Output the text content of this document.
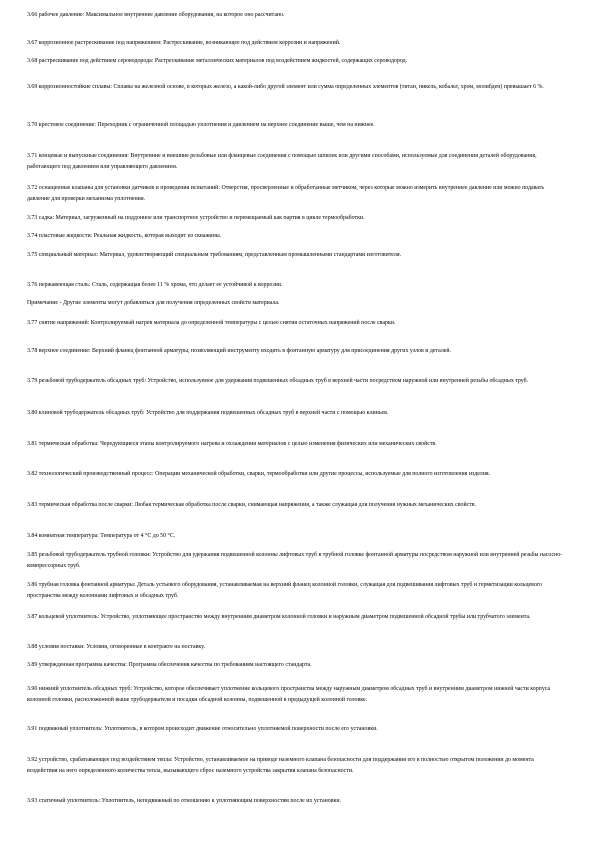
3.66 рабочее давление: Максимальное внутреннее давление оборудования, на которое оно рассчитано.

3.67 коррозионное растрескивание под напряжением: Растрескивание, возникающее под действием коррозии и напряжений.

3.68 растрескивание под действием сероводорода: Растрескивание металлических материалов под воздействием жидкостей, содержащих сероводород.

3.69 коррозионностойкие сплавы: Сплавы на железной основе, в которых железо, а какой-либо другой элемент или сумма определенных элементов (титан, никель, кобальт, хром, молибден) превышает 6 %.

3.70 крестовое соединение: Переходник с ограниченной площадью уплотнения и давлением на верхнее соединение выше, чем на нижнее.

3.71 концевые и выпускные соединения: Внутренние и внешние резьбовые или фланцевые соединения с помощью шпилек или другими способами, используемые для соединения деталей оборудования, работающего под давлением или управляющего давлением.

3.72 оснащенные клапаны для установки датчиков и проведения испытаний: Отверстия, просверленные и обработанные метчиком, через которые можно измерить внутреннее давление или можно подавать давление для проверки механизма уплотнения.

3.73 садка: Материал, загруженный на поддонное или транспортное устройство и перемещаемый как партия в цикле термообработки.

3.74 пластовые жидкости: Реальная жидкость, которая выходит из скважины.

3.75 специальный материал: Материал, удовлетворяющий специальным требованиям, представленным промышленными стандартами изготовителя.

3.76 нержавеющая сталь: Сталь, содержащая более 11 % хрома, что делает ее устойчивой к коррозии.

Примечание - Другие элементы могут добавляться для получения определенных свойств материала.

3.77 снятие напряжений: Контролируемый нагрев материала до определенной температуры с целью снятия остаточных напряжений после сварки.

3.78 верхнее соединение: Верхний фланец фонтанной арматуры, позволяющий инструменту входить в фонтанную арматуру для присоединения других узлов и деталей.

3.79 резьбовой трубодержатель обсадных труб: Устройство, используемое для удержания подвешенных обсадных труб в верхней части посредством наружной или внутренней резьбы обсадных труб.

3.80 клиновой трубодержатель обсадных труб: Устройство для поддержания подвешенных обсадных труб в верхней части с помощью клиньев.

3.81 термическая обработка: Чередующиеся этапы контролируемого нагрева и охлаждения материалов с целью изменения физических или механических свойств.

3.82 технологический производственный процесс: Операции механической обработки, сварки, термообработки или другие процессы, используемые для полного изготовления изделия.

3.83 термическая обработка после сварки: Любая термическая обработка после сварки, снимающая напряжения, а также служащая для получения нужных механических свойств.

3.84 комнатная температура: Температура от 4 °C до 50 °C.

3.85 резьбовой трубодержатель трубной головки: Устройство для удержания подвешенной колонны лифтовых труб в трубной головке фонтанной арматуры посредством наружной или внутренней резьбы насосно-компрессорных труб.

3.86 трубная головка фонтанной арматуры: Деталь устьевого оборудования, устанавливаемая на верхний фланец колонной головки, служащая для подвешивания лифтовых труб и герметизации кольцевого пространства между колоннами лифтовых и обсадных труб.

3.87 кольцевой уплотнитель: Устройство, уплотняющее пространство между внутренним диаметром колонной головки и наружным диаметром подвешенной обсадной трубы или трубчатого элемента.

3.88 условия поставки: Условия, оговоренные в контракте на поставку.

3.89 утвержденная программа качества: Программа обеспечения качества по требованиям настоящего стандарта.

3.90 нижний уплотнитель обсадных труб: Устройство, которое обеспечивает уплотнение кольцевого пространства между наружным диаметром обсадных труб и внутренним диаметром нижней части корпуса колонной головки, расположенной выше трубодержателя и посадки обсадной колонны, подвешенной в предыдущей колонной головке.

3.91 подвижный уплотнитель: Уплотнитель, в котором происходит движение относительно уплотняемой поверхности после его установки.

3.92 устройство, срабатывающее под воздействием тепла: Устройство, устанавливаемое на приводе наземного клапана безопасности для поддержания его в полностью открытом положении до момента воздействия на него определенного количества тепла, вызывающего сброс наземного устройства закрытия клапана безопасности.

3.93 статичный уплотнитель: Уплотнитель, неподвижный по отношению к уплотняющим поверхностям после их установки.
